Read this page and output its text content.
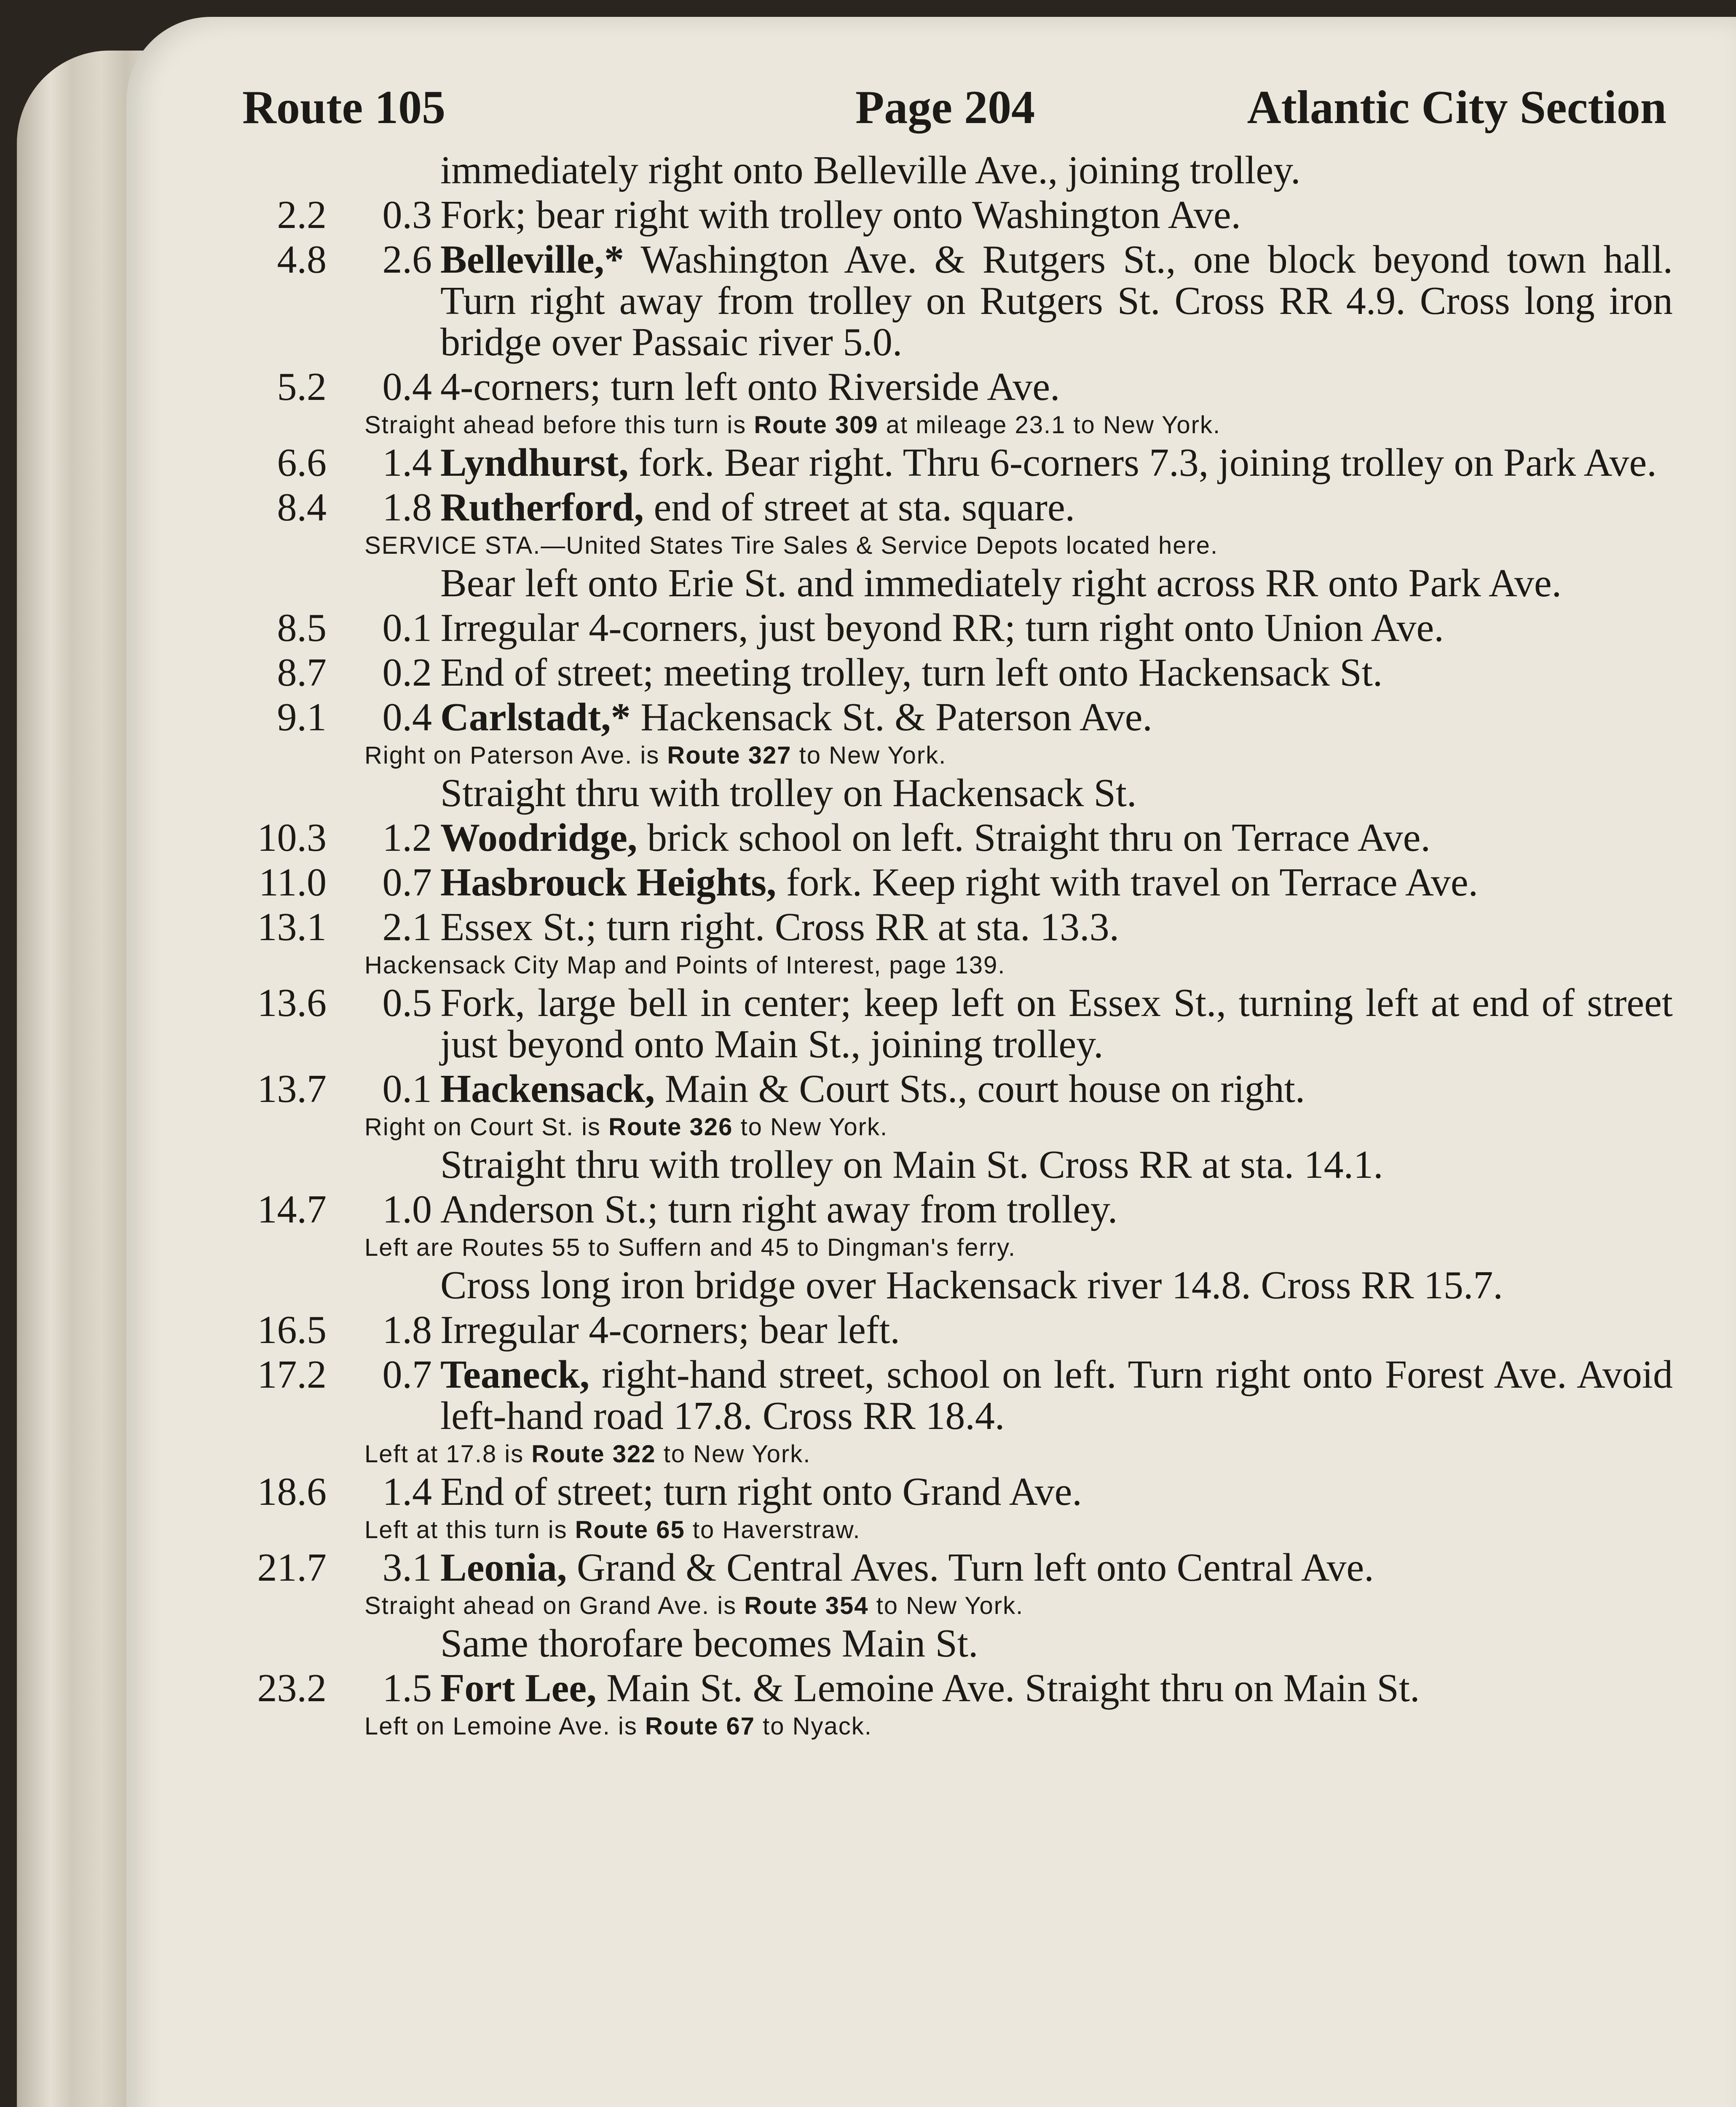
Route 105	Page 204	Atlantic City Section
immediately right onto Belleville Ave., joining trolley.
2.2	0.3 Fork; bear right with trolley onto Washington Ave.
4.8	2.6 Belleville,* Washington Ave. & Rutgers St., one block beyond town hall. Turn right away from trolley on Rutgers St. Cross RR 4.9. Cross long iron bridge over Passaic river 5.0.
5.2	0.4 4-corners; turn left onto Riverside Ave.
Straight ahead before this turn is Route 309 at mileage 23.1 to New York.
6.6	1.4 Lyndhurst, fork. Bear right. Thru 6-corners 7.3, joining trolley on Park Ave.
8.4	1.8 Rutherford, end of street at sta. square.
SERVICE STA.—United States Tire Sales & Service Depots located here.
Bear left onto Erie St. and immediately right across RR onto Park Ave.
8.5	0.1 Irregular 4-corners, just beyond RR; turn right onto Union Ave.
8.7	0.2 End of street; meeting trolley, turn left onto Hackensack St.
9.1	0.4 Carlstadt,* Hackensack St. & Paterson Ave.
Right on Paterson Ave. is Route 327 to New York.
Straight thru with trolley on Hackensack St.
10.3	1.2 Woodridge, brick school on left. Straight thru on Terrace Ave.
11.0	0.7 Hasbrouck Heights, fork. Keep right with travel on Terrace Ave.
13.1	2.1 Essex St.; turn right. Cross RR at sta. 13.3.
Hackensack City Map and Points of Interest, page 139.
13.6	0.5 Fork, large bell in center; keep left on Essex St., turning left at end of street just beyond onto Main St., joining trolley.
13.7	0.1 Hackensack, Main & Court Sts., court house on right.
Right on Court St. is Route 326 to New York.
Straight thru with trolley on Main St. Cross RR at sta. 14.1.
14.7	1.0 Anderson St.; turn right away from trolley.
Left are Routes 55 to Suffern and 45 to Dingman's ferry.
Cross long iron bridge over Hackensack river 14.8. Cross RR 15.7.
16.5	1.8 Irregular 4-corners; bear left.
17.2	0.7 Teaneck, right-hand street, school on left. Turn right onto Forest Ave. Avoid left-hand road 17.8. Cross RR 18.4.
Left at 17.8 is Route 322 to New York.
18.6	1.4 End of street; turn right onto Grand Ave.
Left at this turn is Route 65 to Haverstraw.
21.7	3.1 Leonia, Grand & Central Aves. Turn left onto Central Ave.
Straight ahead on Grand Ave. is Route 354 to New York.
Same thorofare becomes Main St.
23.2	1.5 Fort Lee, Main St. & Lemoine Ave. Straight thru on Main St.
Left on Lemoine Ave. is Route 67 to Nyack.
